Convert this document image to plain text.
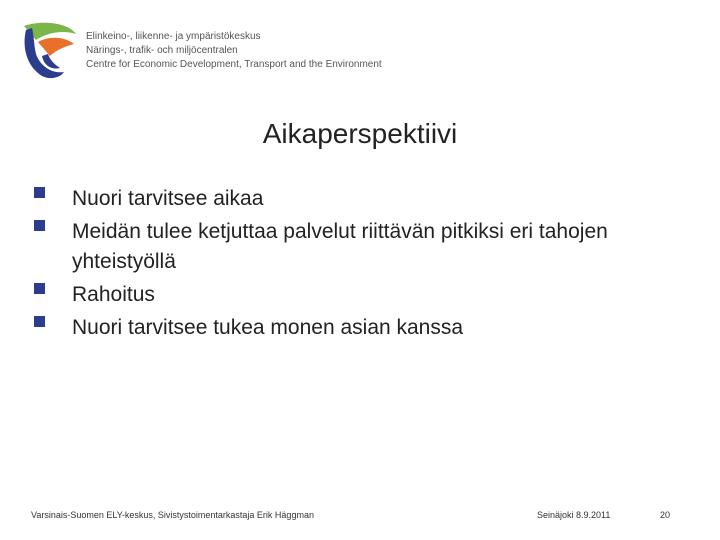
Elinkeino-, liikenne- ja ympäristökeskus
Närings-, trafik- och miljöcentralen
Centre for Economic Development, Transport and the Environment
Aikaperspektiivi
Nuori tarvitsee aikaa
Meidän tulee ketjuttaa palvelut riittävän pitkiksi eri tahojen yhteistyöllä
Rahoitus
Nuori tarvitsee tukea monen asian kanssa
Varsinais-Suomen ELY-keskus, Sivistystoimentarkastaja Erik Häggman	Seinäjoki 8.9.2011	20
